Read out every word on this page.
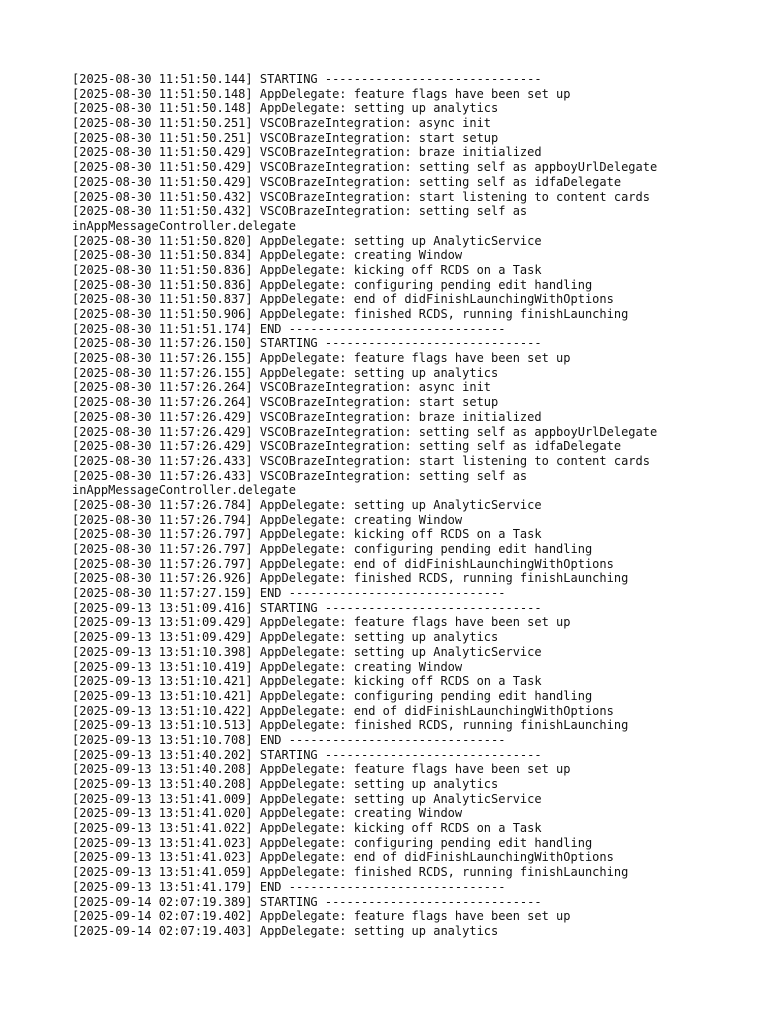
[2025-08-30 11:51:50.144] STARTING ------------------------------
[2025-08-30 11:51:50.148] AppDelegate: feature flags have been set up
[2025-08-30 11:51:50.148] AppDelegate: setting up analytics
[2025-08-30 11:51:50.251] VSCOBrazeIntegration: async init
[2025-08-30 11:51:50.251] VSCOBrazeIntegration: start setup
[2025-08-30 11:51:50.429] VSCOBrazeIntegration: braze initialized
[2025-08-30 11:51:50.429] VSCOBrazeIntegration: setting self as appboyUrlDelegate
[2025-08-30 11:51:50.429] VSCOBrazeIntegration: setting self as idfaDelegate
[2025-08-30 11:51:50.432] VSCOBrazeIntegration: start listening to content cards
[2025-08-30 11:51:50.432] VSCOBrazeIntegration: setting self as
inAppMessageController.delegate
[2025-08-30 11:51:50.820] AppDelegate: setting up AnalyticService
[2025-08-30 11:51:50.834] AppDelegate: creating Window
[2025-08-30 11:51:50.836] AppDelegate: kicking off RCDS on a Task
[2025-08-30 11:51:50.836] AppDelegate: configuring pending edit handling
[2025-08-30 11:51:50.837] AppDelegate: end of didFinishLaunchingWithOptions
[2025-08-30 11:51:50.906] AppDelegate: finished RCDS, running finishLaunching
[2025-08-30 11:51:51.174] END ------------------------------
[2025-08-30 11:57:26.150] STARTING ------------------------------
[2025-08-30 11:57:26.155] AppDelegate: feature flags have been set up
[2025-08-30 11:57:26.155] AppDelegate: setting up analytics
[2025-08-30 11:57:26.264] VSCOBrazeIntegration: async init
[2025-08-30 11:57:26.264] VSCOBrazeIntegration: start setup
[2025-08-30 11:57:26.429] VSCOBrazeIntegration: braze initialized
[2025-08-30 11:57:26.429] VSCOBrazeIntegration: setting self as appboyUrlDelegate
[2025-08-30 11:57:26.429] VSCOBrazeIntegration: setting self as idfaDelegate
[2025-08-30 11:57:26.433] VSCOBrazeIntegration: start listening to content cards
[2025-08-30 11:57:26.433] VSCOBrazeIntegration: setting self as
inAppMessageController.delegate
[2025-08-30 11:57:26.784] AppDelegate: setting up AnalyticService
[2025-08-30 11:57:26.794] AppDelegate: creating Window
[2025-08-30 11:57:26.797] AppDelegate: kicking off RCDS on a Task
[2025-08-30 11:57:26.797] AppDelegate: configuring pending edit handling
[2025-08-30 11:57:26.797] AppDelegate: end of didFinishLaunchingWithOptions
[2025-08-30 11:57:26.926] AppDelegate: finished RCDS, running finishLaunching
[2025-08-30 11:57:27.159] END ------------------------------
[2025-09-13 13:51:09.416] STARTING ------------------------------
[2025-09-13 13:51:09.429] AppDelegate: feature flags have been set up
[2025-09-13 13:51:09.429] AppDelegate: setting up analytics
[2025-09-13 13:51:10.398] AppDelegate: setting up AnalyticService
[2025-09-13 13:51:10.419] AppDelegate: creating Window
[2025-09-13 13:51:10.421] AppDelegate: kicking off RCDS on a Task
[2025-09-13 13:51:10.421] AppDelegate: configuring pending edit handling
[2025-09-13 13:51:10.422] AppDelegate: end of didFinishLaunchingWithOptions
[2025-09-13 13:51:10.513] AppDelegate: finished RCDS, running finishLaunching
[2025-09-13 13:51:10.708] END ------------------------------
[2025-09-13 13:51:40.202] STARTING ------------------------------
[2025-09-13 13:51:40.208] AppDelegate: feature flags have been set up
[2025-09-13 13:51:40.208] AppDelegate: setting up analytics
[2025-09-13 13:51:41.009] AppDelegate: setting up AnalyticService
[2025-09-13 13:51:41.020] AppDelegate: creating Window
[2025-09-13 13:51:41.022] AppDelegate: kicking off RCDS on a Task
[2025-09-13 13:51:41.023] AppDelegate: configuring pending edit handling
[2025-09-13 13:51:41.023] AppDelegate: end of didFinishLaunchingWithOptions
[2025-09-13 13:51:41.059] AppDelegate: finished RCDS, running finishLaunching
[2025-09-13 13:51:41.179] END ------------------------------
[2025-09-14 02:07:19.389] STARTING ------------------------------
[2025-09-14 02:07:19.402] AppDelegate: feature flags have been set up
[2025-09-14 02:07:19.403] AppDelegate: setting up analytics
